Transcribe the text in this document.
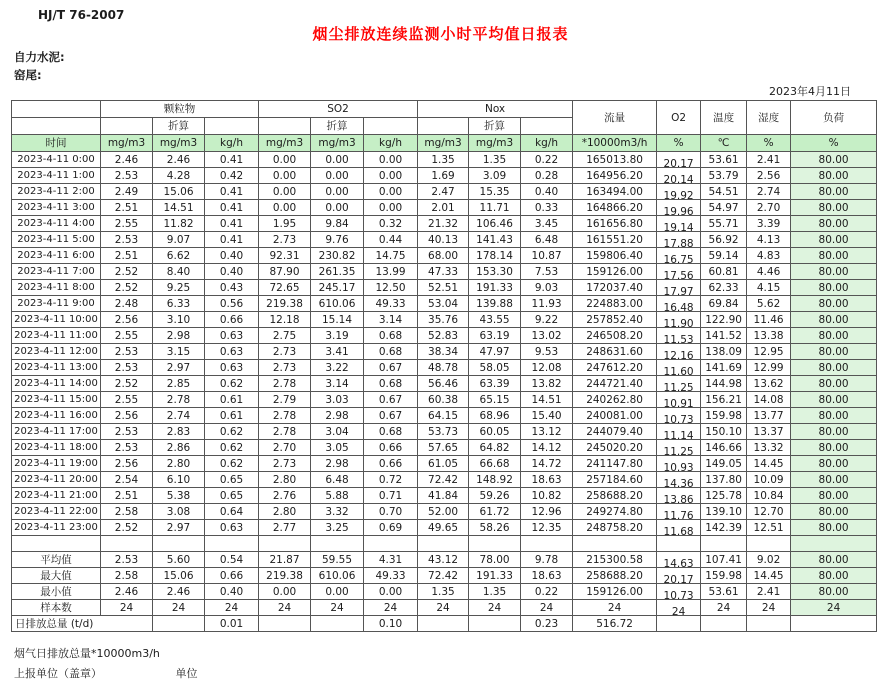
HJ/T 76-2007
烟尘排放连续监测小时平均值日报表
自力水泥:
窑尾:
2023年4月11日
	颗粒物			SO2			Nox			流量	O2	温度	湿度	负荷
		折算			折算			折算						
时间	mg/m3	mg/m3	kg/h	mg/m3	mg/m3	kg/h	mg/m3	mg/m3	kg/h	*10000m3/h	%	℃	%	%
2023-4-11 0:00	2.46	2.46	0.41	0.00	0.00	0.00	1.35	1.35	0.22	165013.80	20.17	53.61	2.41	80.00
2023-4-11 1:00	2.53	4.28	0.42	0.00	0.00	0.00	1.69	3.09	0.28	164956.20	20.14	53.79	2.56	80.00
2023-4-11 2:00	2.49	15.06	0.41	0.00	0.00	0.00	2.47	15.35	0.40	163494.00	19.92	54.51	2.74	80.00
2023-4-11 3:00	2.51	14.51	0.41	0.00	0.00	0.00	2.01	11.71	0.33	164866.20	19.96	54.97	2.70	80.00
2023-4-11 4:00	2.55	11.82	0.41	1.95	9.84	0.32	21.32	106.46	3.45	161656.80	19.14	55.71	3.39	80.00
2023-4-11 5:00	2.53	9.07	0.41	2.73	9.76	0.44	40.13	141.43	6.48	161551.20	17.88	56.92	4.13	80.00
2023-4-11 6:00	2.51	6.62	0.40	92.31	230.82	14.75	68.00	178.14	10.87	159806.40	16.75	59.14	4.83	80.00
2023-4-11 7:00	2.52	8.40	0.40	87.90	261.35	13.99	47.33	153.30	7.53	159126.00	17.56	60.81	4.46	80.00
2023-4-11 8:00	2.52	9.25	0.43	72.65	245.17	12.50	52.51	191.33	9.03	172037.40	17.97	62.33	4.15	80.00
2023-4-11 9:00	2.48	6.33	0.56	219.38	610.06	49.33	53.04	139.88	11.93	224883.00	16.48	69.84	5.62	80.00
2023-4-11 10:00	2.56	3.10	0.66	12.18	15.14	3.14	35.76	43.55	9.22	257852.40	11.90	122.90	11.46	80.00
2023-4-11 11:00	2.55	2.98	0.63	2.75	3.19	0.68	52.83	63.19	13.02	246508.20	11.53	141.52	13.38	80.00
2023-4-11 12:00	2.53	3.15	0.63	2.73	3.41	0.68	38.34	47.97	9.53	248631.60	12.16	138.09	12.95	80.00
2023-4-11 13:00	2.53	2.97	0.63	2.73	3.22	0.67	48.78	58.05	12.08	247612.20	11.60	141.69	12.99	80.00
2023-4-11 14:00	2.52	2.85	0.62	2.78	3.14	0.68	56.46	63.39	13.82	244721.40	11.25	144.98	13.62	80.00
2023-4-11 15:00	2.55	2.78	0.61	2.79	3.03	0.67	60.38	65.15	14.51	240262.80	10.91	156.21	14.08	80.00
2023-4-11 16:00	2.56	2.74	0.61	2.78	2.98	0.67	64.15	68.96	15.40	240081.00	10.73	159.98	13.77	80.00
2023-4-11 17:00	2.53	2.83	0.62	2.78	3.04	0.68	53.73	60.05	13.12	244079.40	11.14	150.10	13.37	80.00
2023-4-11 18:00	2.53	2.86	0.62	2.70	3.05	0.66	57.65	64.82	14.12	245020.20	11.25	146.66	13.32	80.00
2023-4-11 19:00	2.56	2.80	0.62	2.73	2.98	0.66	61.05	66.68	14.72	241147.80	10.93	149.05	14.45	80.00
2023-4-11 20:00	2.54	6.10	0.65	2.80	6.48	0.72	72.42	148.92	18.63	257184.60	14.36	137.80	10.09	80.00
2023-4-11 21:00	2.51	5.38	0.65	2.76	5.88	0.71	41.84	59.26	10.82	258688.20	13.86	125.78	10.84	80.00
2023-4-11 22:00	2.58	3.08	0.64	2.80	3.32	0.70	52.00	61.72	12.96	249274.80	11.76	139.10	12.70	80.00
2023-4-11 23:00	2.52	2.97	0.63	2.77	3.25	0.69	49.65	58.26	12.35	248758.20	11.68	142.39	12.51	80.00

平均值	2.53	5.60	0.54	21.87	59.55	4.31	43.12	78.00	9.78	215300.58	14.63	107.41	9.02	80.00
最大值	2.58	15.06	0.66	219.38	610.06	49.33	72.42	191.33	18.63	258688.20	20.17	159.98	14.45	80.00
最小值	2.46	2.46	0.40	0.00	0.00	0.00	1.35	1.35	0.22	159126.00	10.73	53.61	2.41	80.00
样本数	24	24	24	24	24	24	24	24	24	24	24	24	24	24
日排放总量 (t/d)			0.01			0.10			0.23	516.72				
烟气日排放总量*10000m3/h
上报单位（盖章）	单位
